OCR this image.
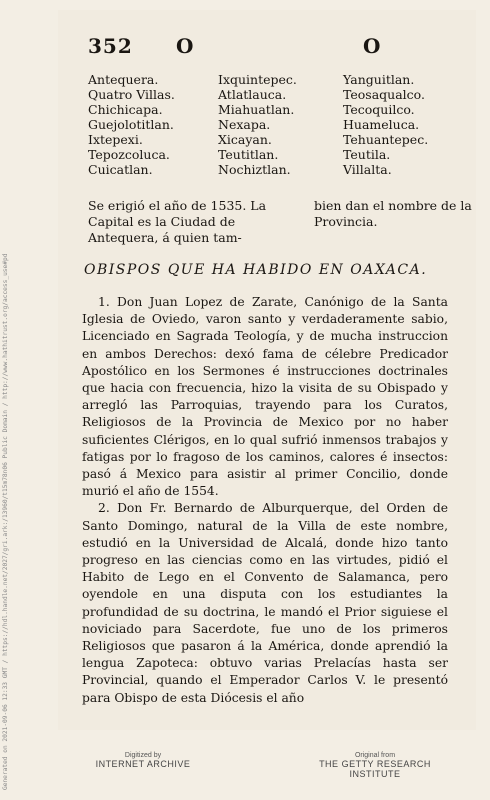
352 O	O
Antequera.
Quatro Villas.
Chichicapa.
Guejolotitlan.
Ixtepexi.
Tepozcoluca.
Cuicatlan.
Ixquintepec.
Atlatlauca.
Miahuatlan.
Nexapa.
Xicayan.
Teutitlan.
Nochiztlan.
Yanguitlan.
Teosaqualco.
Tecoquilco.
Huameluca.
Tehuantepec.
Teutila.
Villalta.
Se erigió el año de 1535. La Capital es la Ciudad de Antequera, á quien tam-
bien dan el nombre de la Provincia.
OBISPOS QUE HA HABIDO EN OAXACA.

1. Don Juan Lopez de Zarate, Canónigo de la Santa Iglesia de Oviedo, varon santo y verdaderamente sabio, Licenciado en Sagrada Teología, y de mucha instruccion en ambos Derechos: dexó fama de célebre Predicador Apostólico en los Sermones é instrucciones doctrinales que hacia con frecuencia, hizo la visita de su Obispado y arregló las Parroquias, trayendo para los Curatos, Religiosos de la Provincia de Mexico por no haber suficientes Clérigos, en lo qual sufrió inmensos trabajos y fatigas por lo fragoso de los caminos, calores é insectos: pasó á Mexico para asistir al primer Concilio, donde murió el año de 1554.

2. Don Fr. Bernardo de Alburquerque, del Orden de Santo Domingo, natural de la Villa de este nombre, estudió en la Universidad de Alcalá, donde hizo tanto progreso en las ciencias como en las virtudes, pidió el Habito de Lego en el Convento de Salamanca, pero oyendole en una disputa con los estudiantes la profundidad de su doctrina, le mandó el Prior siguiese el noviciado para Sacerdote, fue uno de los primeros Religiosos que pasaron á la América, donde aprendió la lengua Zapoteca: obtuvo varias Prelacías hasta ser Provincial, quando el Emperador Carlos V. le presentó para Obispo de esta Diócesis el año

Generated on 2021-09-06 12:33 GMT / https://hdl.handle.net/2027/gri.ark:/13960/t15m78n06 Public Domain / http://www.hathitrust.org/access_use#pd	Digitized by
INTERNET ARCHIVE
Original from
THE GETTY RESEARCH INSTITUTE
